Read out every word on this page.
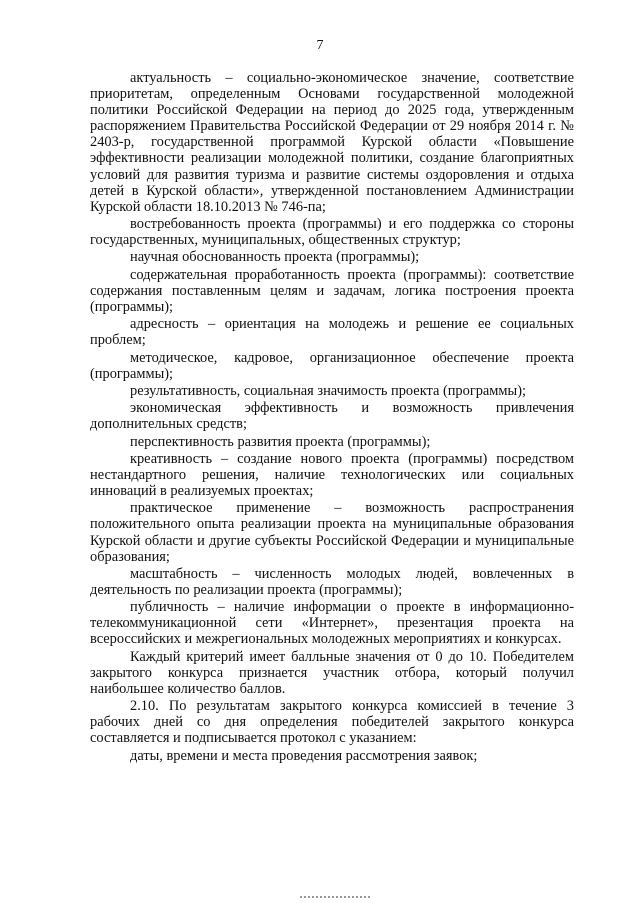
7

актуальность – социально-экономическое значение, соответствие приоритетам, определенным Основами государственной молодежной политики Российской Федерации на период до 2025 года, утвержденным распоряжением Правительства Российской Федерации от 29 ноября 2014 г. № 2403-р, государственной программой Курской области «Повышение эффективности реализации молодежной политики, создание благоприятных условий для развития туризма и развитие системы оздоровления и отдыха детей в Курской области», утвержденной постановлением Администрации Курской области 18.10.2013 № 746-па;

востребованность проекта (программы) и его поддержка со стороны государственных, муниципальных, общественных структур;

научная обоснованность проекта (программы);

содержательная проработанность проекта (программы): соответствие содержания поставленным целям и задачам, логика построения проекта (программы);

адресность – ориентация на молодежь и решение ее социальных проблем;

методическое, кадровое, организационное обеспечение проекта (программы);

результативность, социальная значимость проекта (программы);

экономическая эффективность и возможность привлечения дополнительных средств;

перспективность развития проекта (программы);

креативность – создание нового проекта (программы) посредством нестандартного решения, наличие технологических или социальных инноваций в реализуемых проектах;

практическое применение – возможность распространения положительного опыта реализации проекта на муниципальные образования Курской области и другие субъекты Российской Федерации и муниципальные образования;

масштабность – численность молодых людей, вовлеченных в деятельность по реализации проекта (программы);

публичность – наличие информации о проекте в информационно-телекоммуникационной сети «Интернет», презентация проекта на всероссийских и межрегиональных молодежных мероприятиях и конкурсах.

Каждый критерий имеет балльные значения от 0 до 10. Победителем закрытого конкурса признается участник отбора, который получил наибольшее количество баллов.

2.10. По результатам закрытого конкурса комиссией в течение 3 рабочих дней со дня определения победителей закрытого конкурса составляется и подписывается протокол с указанием:

даты, времени и места проведения рассмотрения заявок;
